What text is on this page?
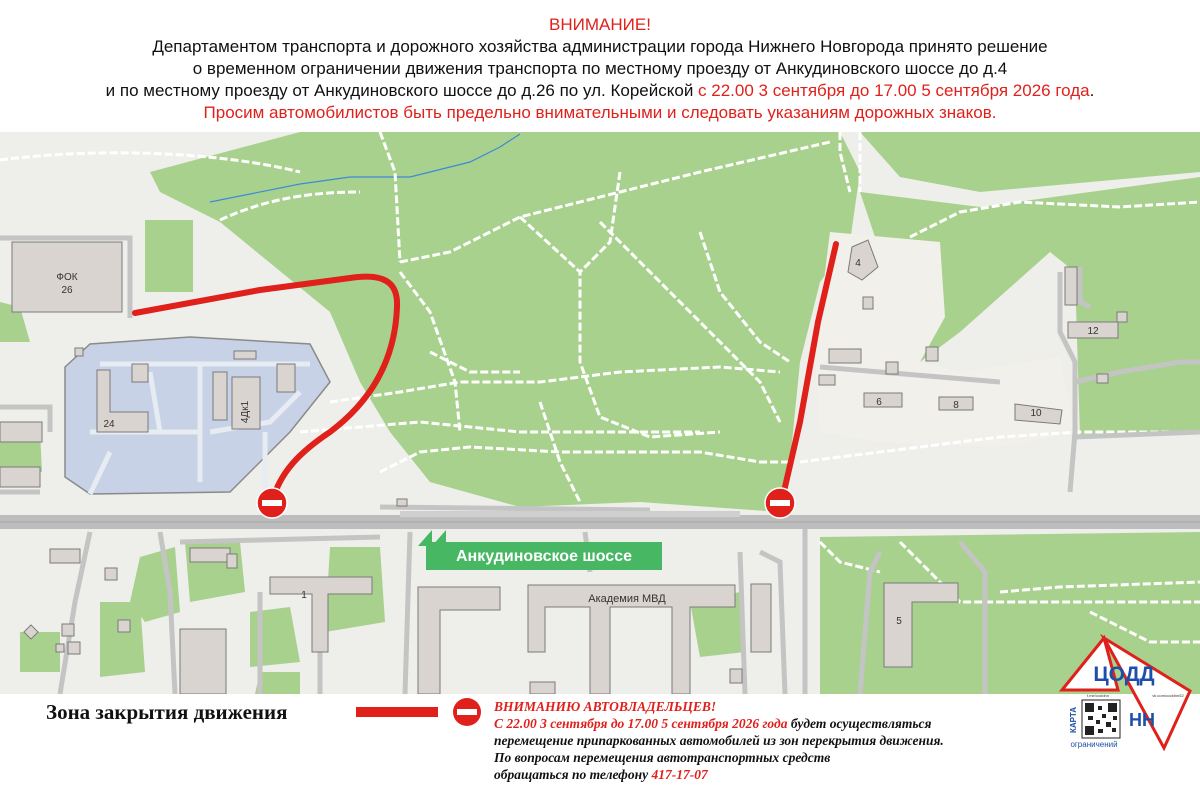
ВНИМАНИЕ!
Департаментом транспорта и дорожного хозяйства администрации города Нижнего Новгорода принято решение
о временном ограничении движения транспорта по местному проезду от Анкудиновского шоссе до д.4
и по местному проезду от Анкудиновского шоссе до д.26 по ул. Корейской с 22.00 3 сентября до 17.00 5 сентября 2026 года.
Просим автомобилистов быть предельно внимательными и следовать указаниям дорожных знаков.
ФОК
26
24
4Дк1
4
6	8
10
12
1
5
Академия МВД
Анкудиновское шоссе
Зона закрытия движения	ВНИМАНИЮ АВТОВЛАДЕЛЬЦЕВ!
С 22.00 3 сентября до 17.00 5 сентября 2026 года будет осуществляться
перемещение припаркованных автомобилей из зон перекрытия движения.
По вопросам перемещения автотранспортных средств
обращаться по телефону 417-17-07
ЦОДД
t.me/coddnn	vk.com/coddnn52
КАРТА	НН
ограничений
